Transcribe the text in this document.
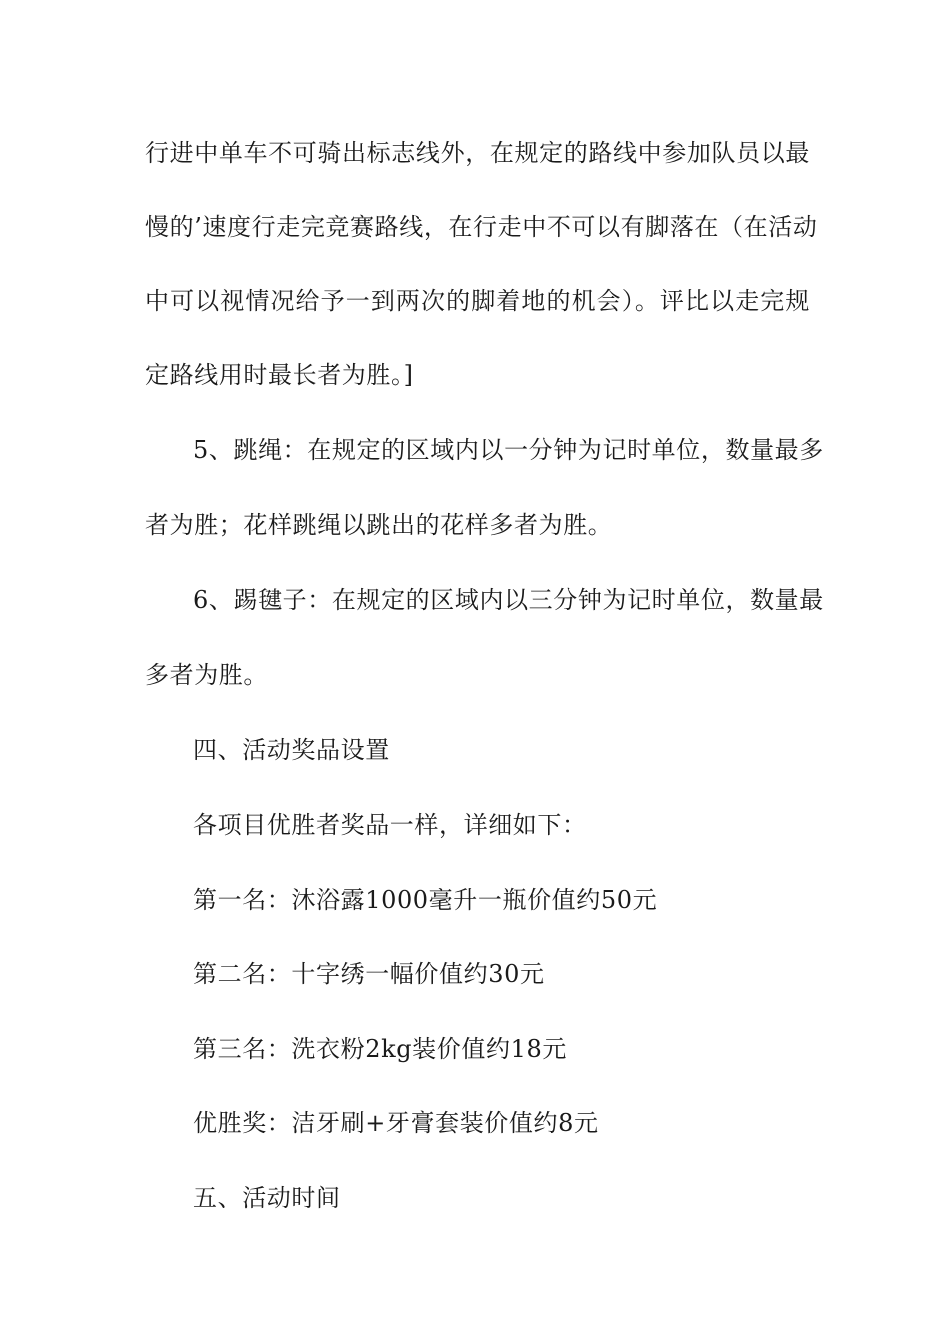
行进中单车不可骑出标志线外，在规定的路线中参加队员以最
慢的’速度行走完竞赛路线，在行走中不可以有脚落在（在活动
中可以视情况给予一到两次的脚着地的机会）。评比以走完规
定路线用时最长者为胜。]
5、跳绳：在规定的区域内以一分钟为记时单位，数量最多
者为胜；花样跳绳以跳出的花样多者为胜。
6、踢毽子：在规定的区域内以三分钟为记时单位，数量最
多者为胜。
四、活动奖品设置
各项目优胜者奖品一样，详细如下：
第一名：沐浴露1000毫升一瓶价值约50元
第二名：十字绣一幅价值约30元
第三名：洗衣粉2kg装价值约18元
优胜奖：洁牙刷+牙膏套装价值约8元
五、活动时间
